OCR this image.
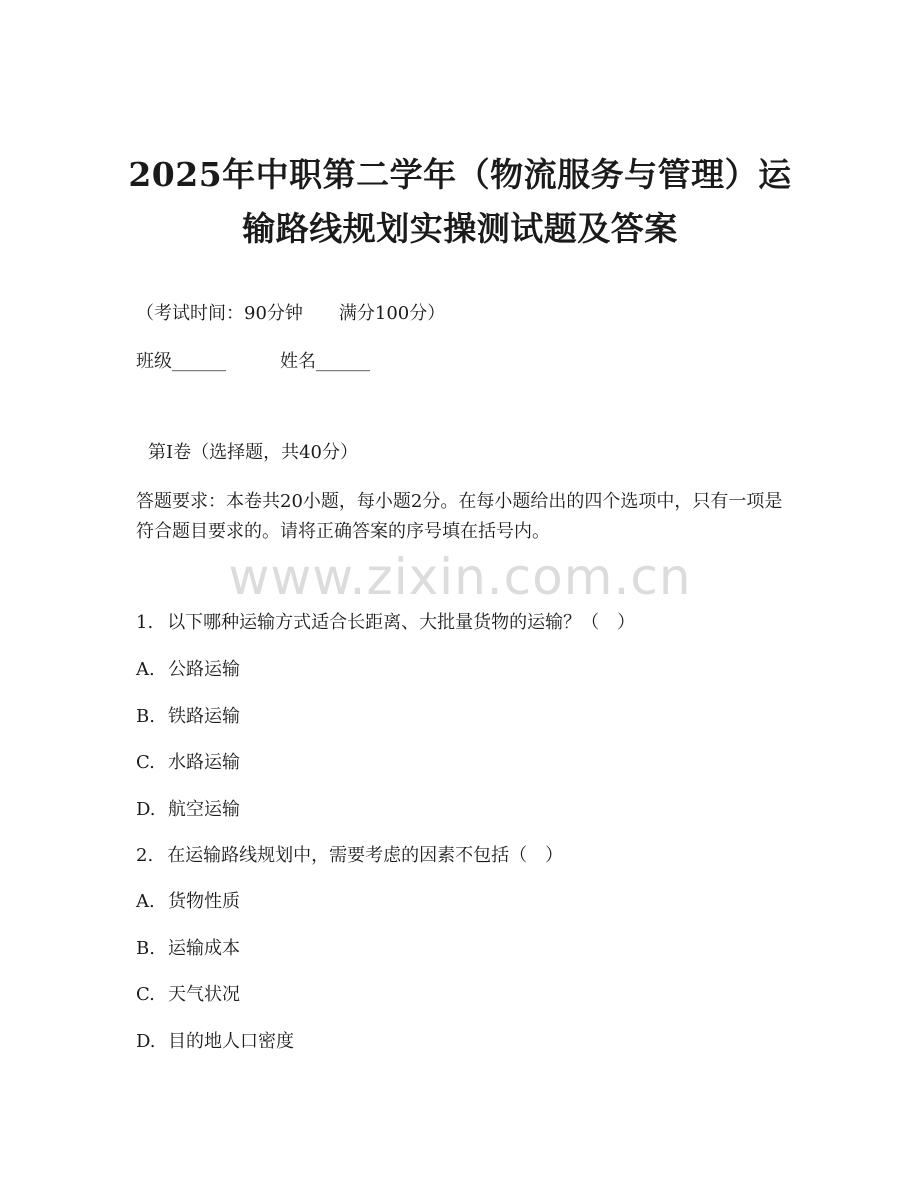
2025年中职第二学年（物流服务与管理）运
输路线规划实操测试题及答案
（考试时间：90分钟　　满分100分）
班级______	姓名______
第Ⅰ卷（选择题，共40分）
答题要求：本卷共20小题，每小题2分。在每小题给出的四个选项中，只有一项是符合题目要求的。请将正确答案的序号填在括号内。
www.zixin.com.cn
1. 以下哪种运输方式适合长距离、大批量货物的运输？（　）
A. 公路运输
B. 铁路运输
C. 水路运输
D. 航空运输
2. 在运输路线规划中，需要考虑的因素不包括（　）
A. 货物性质
B. 运输成本
C. 天气状况
D. 目的地人口密度
